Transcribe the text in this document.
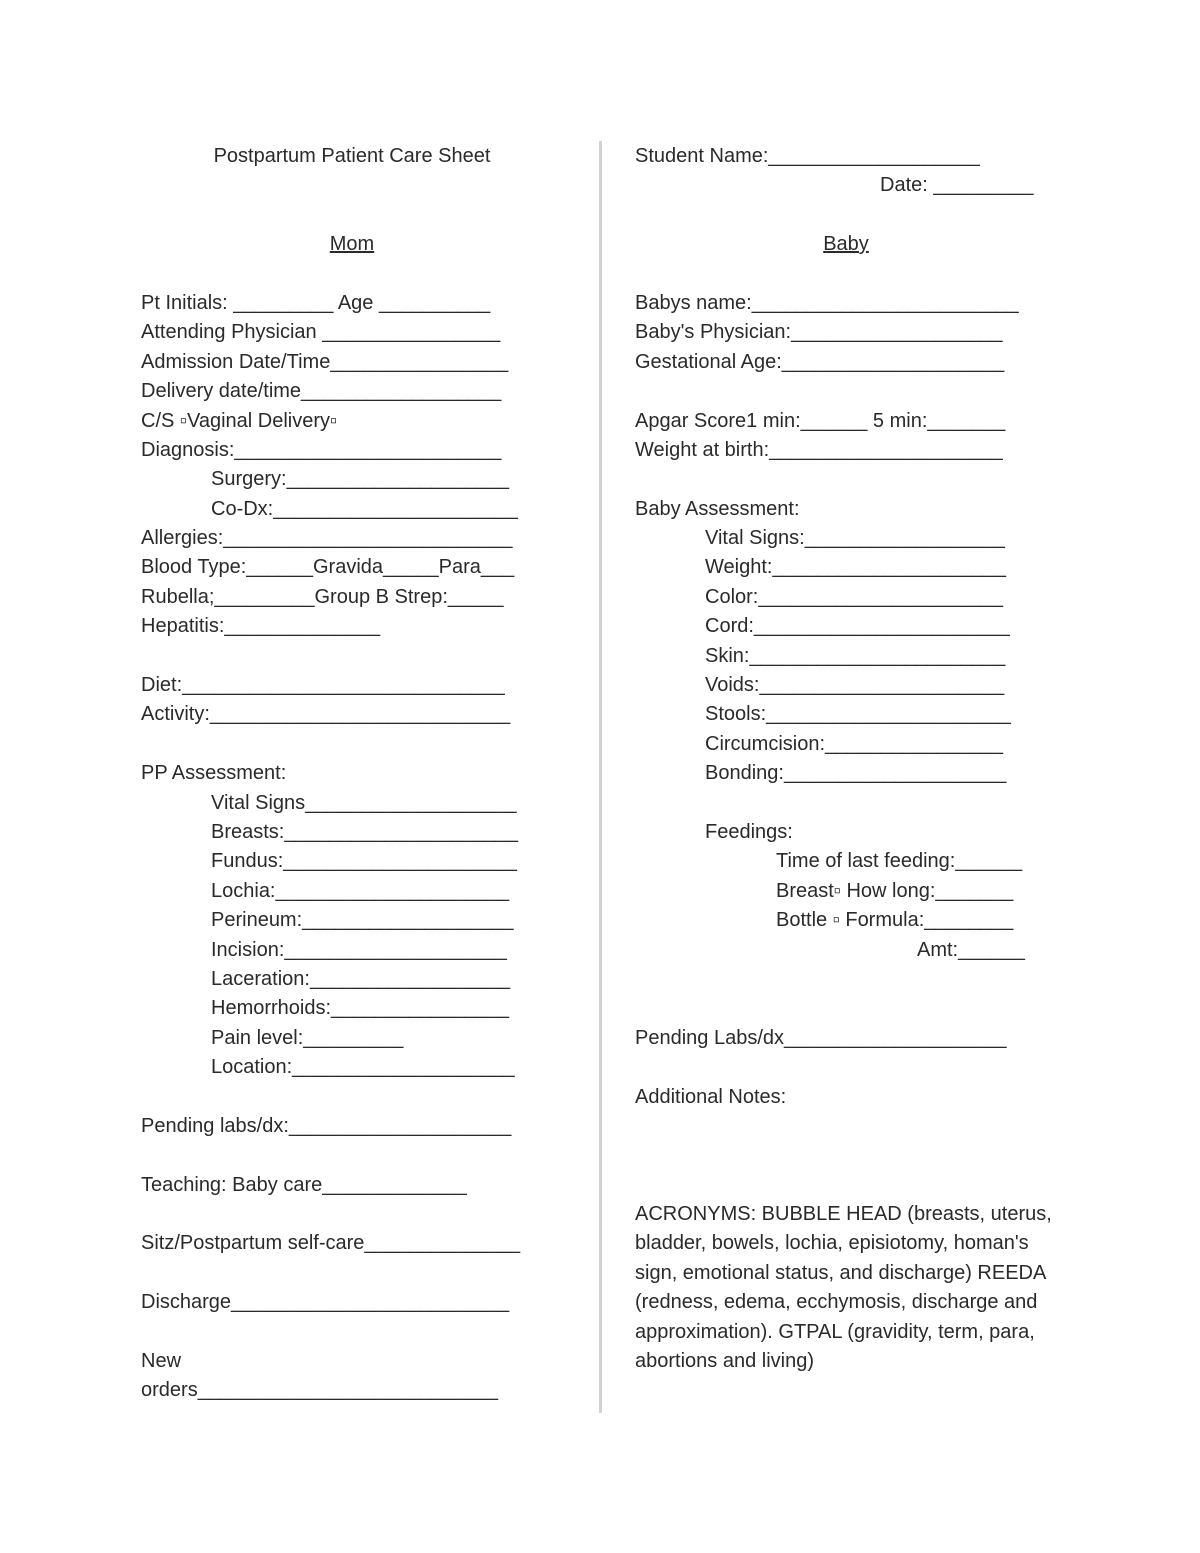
Postpartum Patient Care Sheet
Mom
Pt Initials: _________ Age __________
Attending Physician ________________
Admission Date/Time________________
Delivery date/time__________________
C/S ▫Vaginal Delivery▫
Diagnosis:________________________
Surgery:____________________
Co-Dx:______________________
Allergies:__________________________
Blood Type:______Gravida_____Para___
Rubella;_________Group B Strep:_____
Hepatitis:______________
Diet:_____________________________
Activity:___________________________
PP Assessment:
Vital Signs___________________
Breasts:_____________________
Fundus:_____________________
Lochia:_____________________
Perineum:___________________
Incision:____________________
Laceration:__________________
Hemorrhoids:________________
Pain level:_________
Location:____________________
Pending labs/dx:____________________
Teaching: Baby care_____________
Sitz/Postpartum self-care______________
Discharge_________________________
New
orders___________________________
Student Name:___________________
Date: _________
Baby
Babys name:________________________
Baby's Physician:___________________
Gestational Age:____________________
Apgar Score1 min:______ 5 min:_______
Weight at birth:_____________________
Baby Assessment:
Vital Signs:__________________
Weight:_____________________
Color:______________________
Cord:_______________________
Skin:_______________________
Voids:______________________
Stools:______________________
Circumcision:________________
Bonding:____________________
Feedings:
Time of last feeding:______
Breast▫ How long:_______
Bottle ▫ Formula:________
Amt:______
Pending Labs/dx____________________
Additional Notes:
ACRONYMS: BUBBLE HEAD (breasts, uterus, bladder, bowels, lochia, episiotomy, homan's sign, emotional status, and discharge) REEDA (redness, edema, ecchymosis, discharge and approximation). GTPAL (gravidity, term, para, abortions and living)
